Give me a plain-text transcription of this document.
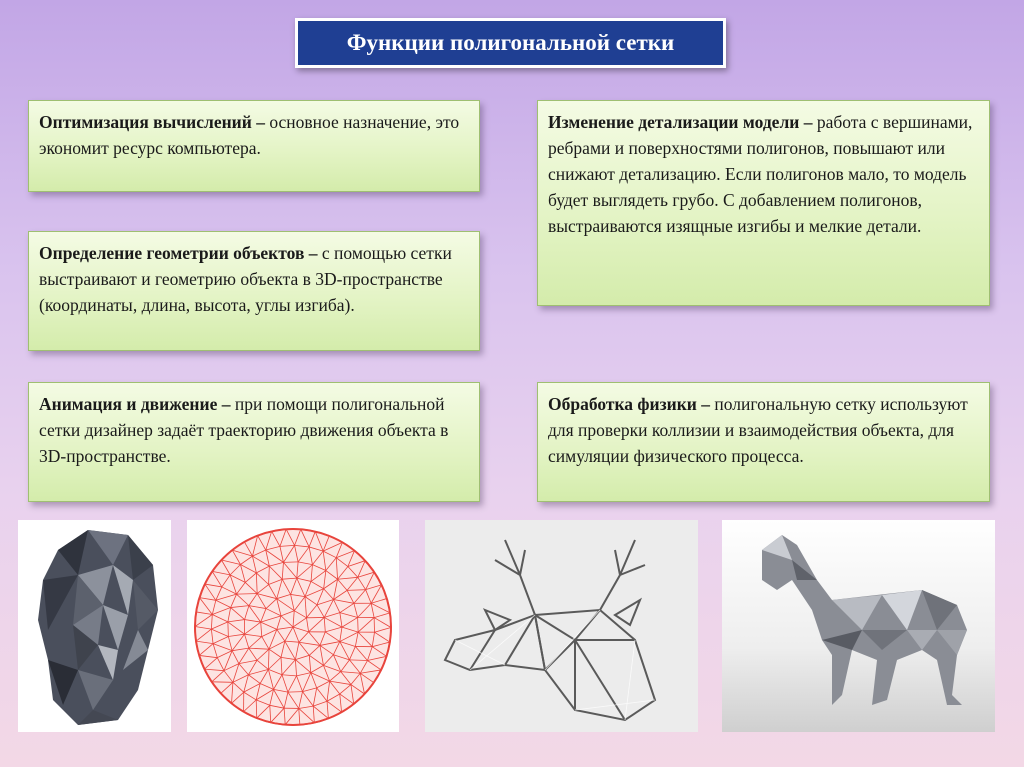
Функции полигональной сетки
Оптимизация вычислений – основное назначение, это экономит ресурс компьютера.
Определение геометрии объектов – с помощью сетки выстраивают и геометрию объекта в 3D-пространстве (координаты, длина, высота, углы изгиба).
Анимация и движение – при помощи полигональной сетки дизайнер задаёт траекторию движения объекта в 3D-пространстве.
Изменение детализации модели – работа с вершинами, ребрами и поверхностями полигонов, повышают или снижают детализацию. Если полигонов мало, то модель будет выглядеть грубо. С добавлением полигонов, выстраиваются изящные изгибы и мелкие детали.
Обработка физики – полигональную сетку используют для проверки коллизии и взаимодействия объекта, для симуляции физического процесса.
